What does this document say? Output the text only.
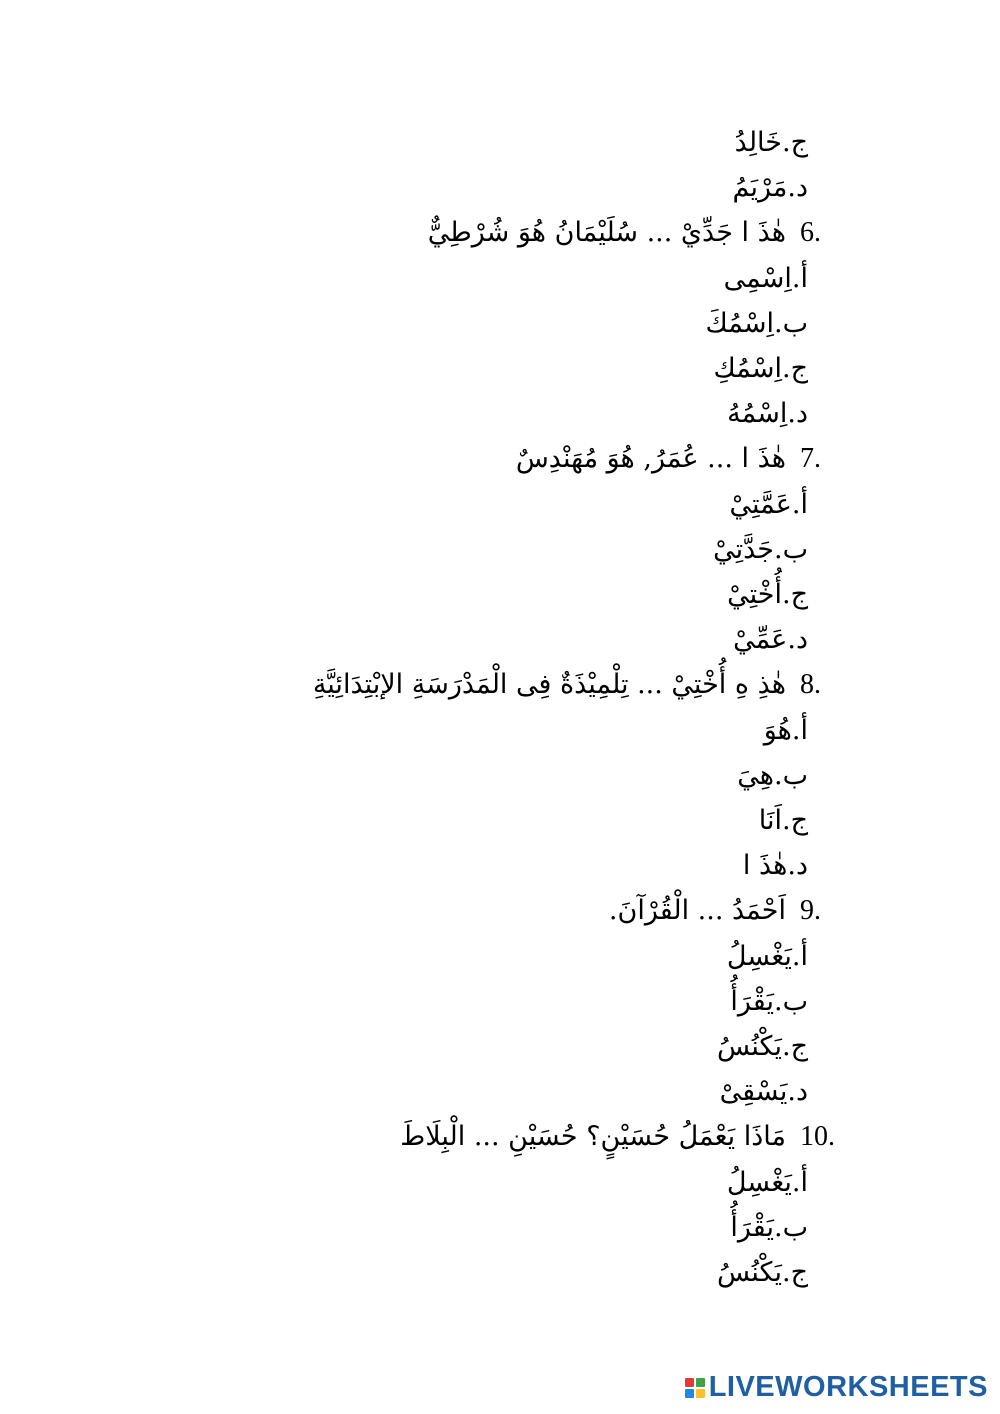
خَالِدُ ج.
مَرْيَمُ د.
هٰذَ ا جَدِّيْ ... سُلَيْمَانُ هُوَ شُرْطِيٌّ 6.
اِسْمِى أ.
اِسْمُكَ ب.
اِسْمُكِ ج.
اِسْمُهُ د.
هٰذَ ا ... عُمَرُ, هُوَ مُهَنْدِسٌ 7.
عَمَّتِيْ أ.
جَدَّتِيْ ب.
أُخْتِيْ ج.
عَمِّيْ د.
هٰذِ هِ أُخْتِيْ ... تِلْمِيْذَةٌ فِى الْمَدْرَسَةِ الإبْتِدَائِيَّةِ 8.
هُوَ أ.
هِيَ ب.
اَنَا ج.
هٰذَ ا د.
اَحْمَدُ ... الْقُرْآنَ. 9.
يَغْسِلُ أ.
يَقْرَأُ ب.
يَكْنُسُ ج.
يَسْقِىْ د.
مَاذَا يَعْمَلُ حُسَيْنٍ؟ حُسَيْنِ ... الْبِلَاطَ 10.
يَغْسِلُ أ.
يَقْرَأُ ب.
يَكْنُسُ ج.
LIVEWORKSHEETS
